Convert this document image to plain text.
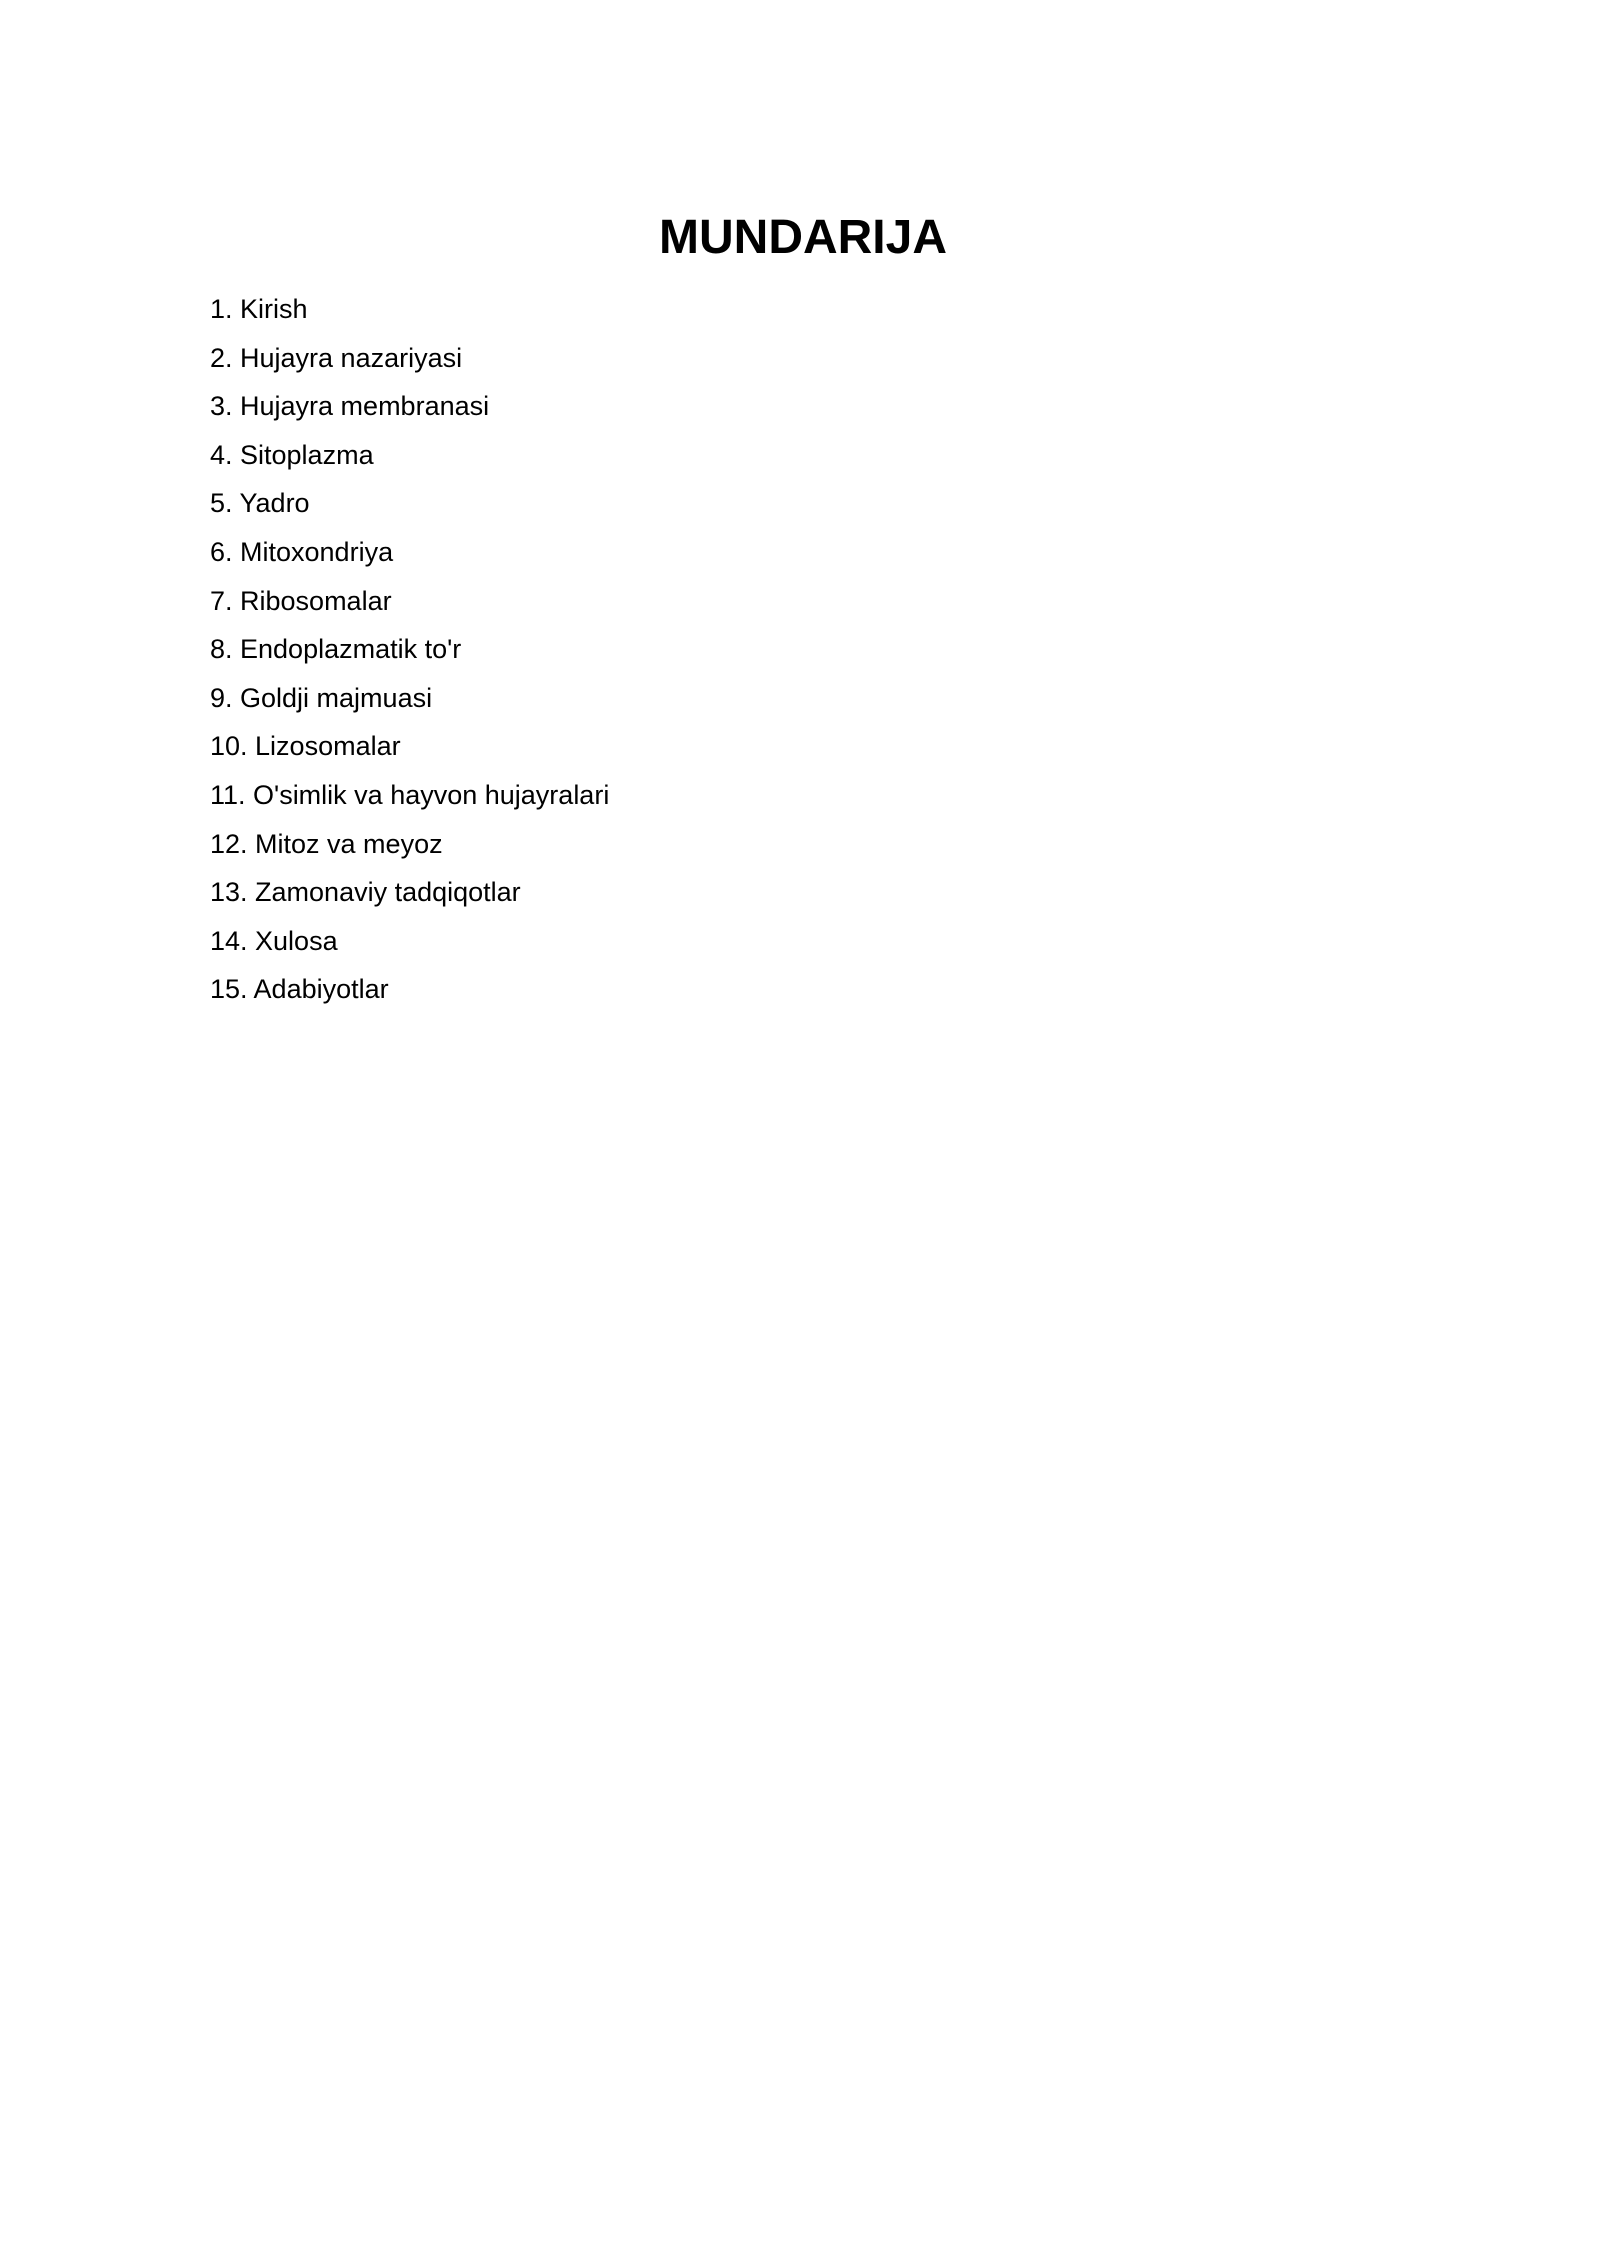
MUNDARIJA
1. Kirish
2. Hujayra nazariyasi
3. Hujayra membranasi
4. Sitoplazma
5. Yadro
6. Mitoxondriya
7. Ribosomalar
8. Endoplazmatik to'r
9. Goldji majmuasi
10. Lizosomalar
11. O'simlik va hayvon hujayralari
12. Mitoz va meyoz
13. Zamonaviy tadqiqotlar
14. Xulosa
15. Adabiyotlar
